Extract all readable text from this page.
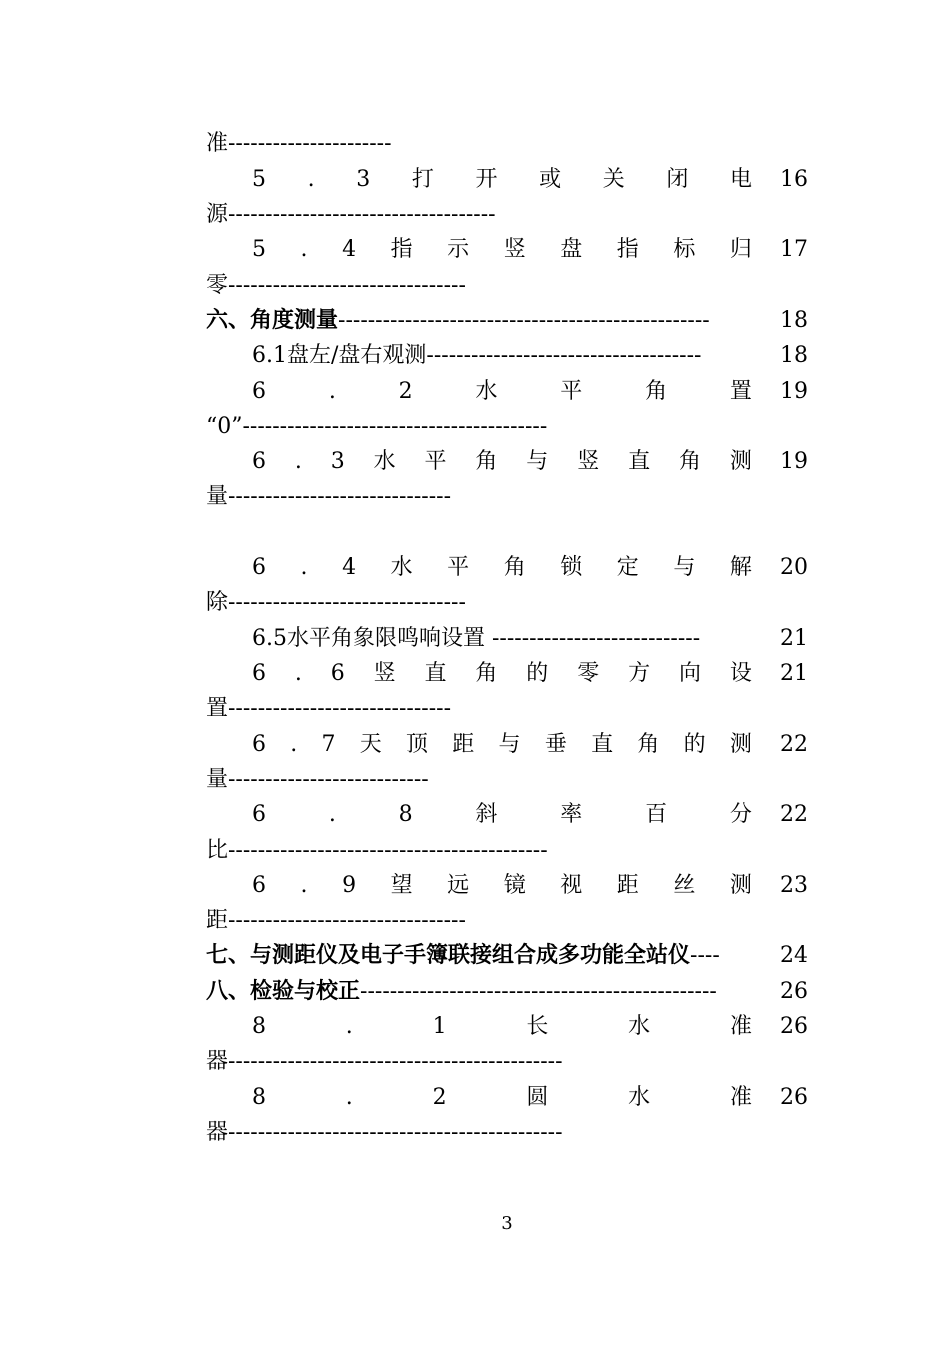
准----------------------
5 . 3 打 开 或 关 闭 电	16
源------------------------------------
5 . 4 指 示 竖 盘 指 标 归	17
零--------------------------------
六、角度测量--------------------------------------------------	18
6.1盘左/盘右观测-------------------------------------	18
6	.	2	水	平	角	置	19
“0”-----------------------------------------
6 . 3 水 平 角 与 竖 直 角 测	19
量------------------------------
6 . 4 水 平 角 锁 定 与 解	20
除--------------------------------
6.5水平角象限鸣响设置 ----------------------------	21
6 . 6 竖 直 角 的 零 方 向 设	21
置------------------------------
6 . 7 天 顶 距 与 垂 直 角 的 测	22
量---------------------------
6	.	8	斜	率	百	分	22
比-------------------------------------------
6 . 9 望 远 镜 视 距 丝 测	23
距--------------------------------
七、与测距仪及电子手簿联接组合成多功能全站仪----	24
八、检验与校正------------------------------------------------	26
8	.	1	长	水	准	26
器---------------------------------------------
8	.	2	圆	水	准	26
器---------------------------------------------
3
